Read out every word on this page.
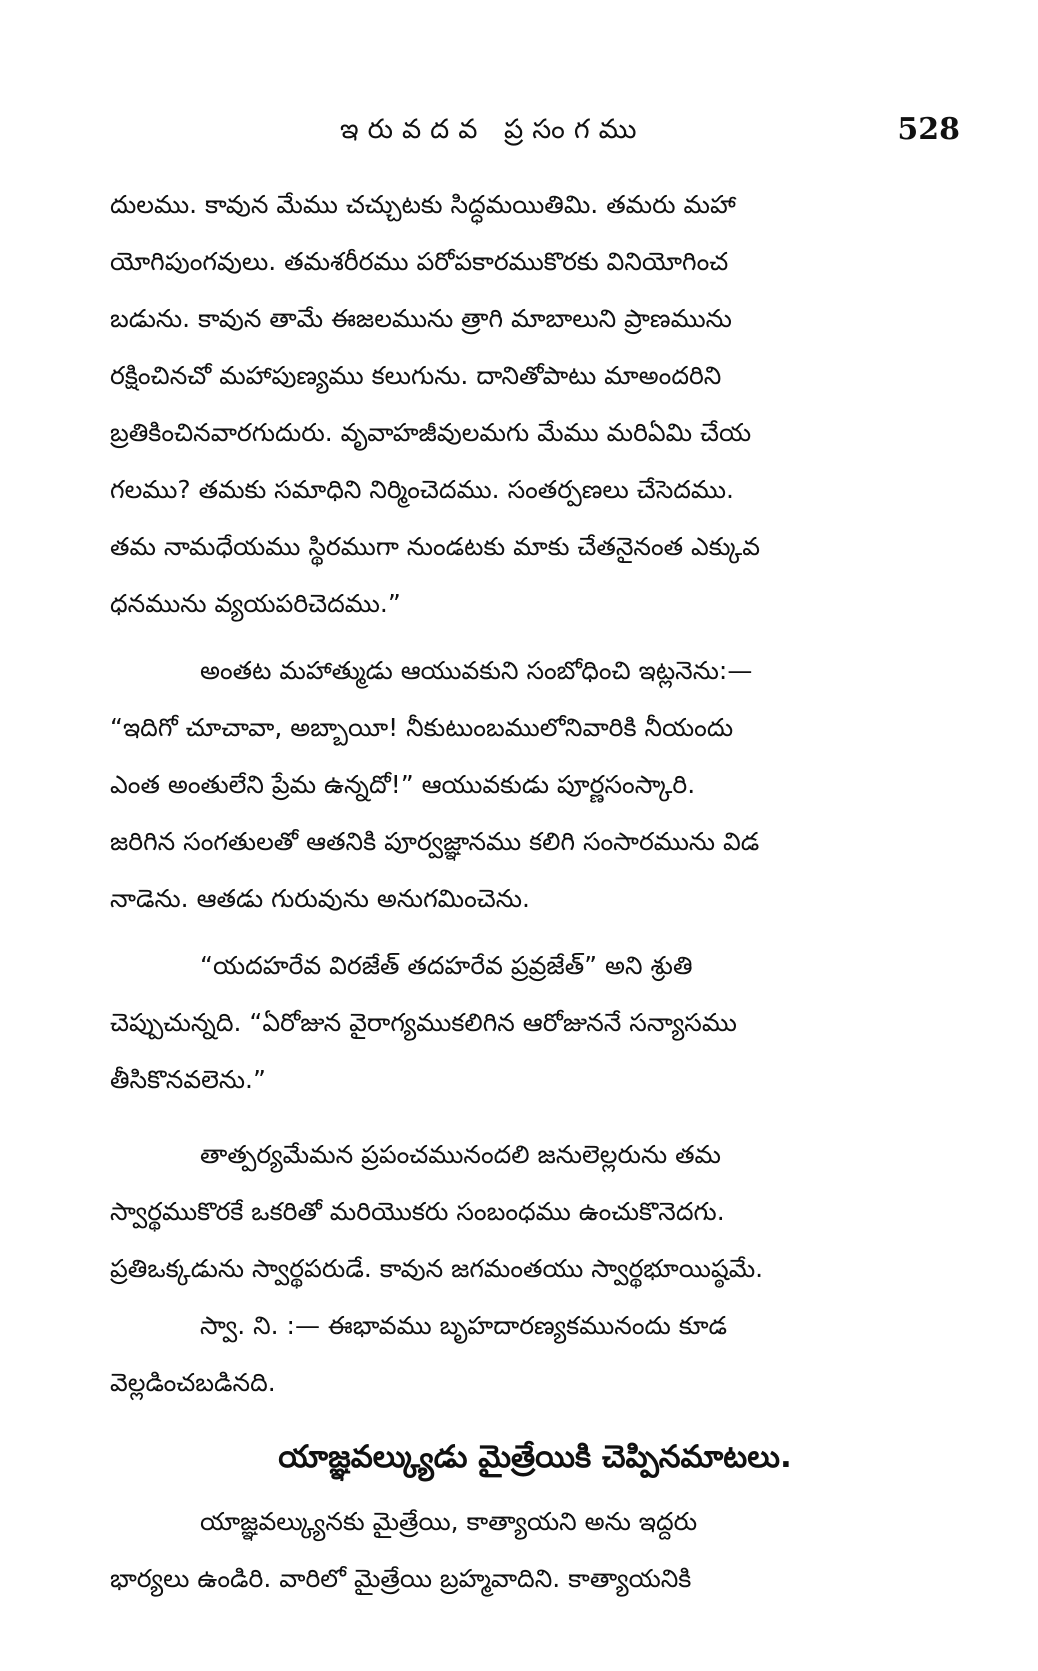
ఇరువదవ ప్రసంగము	528
దులము. కావున మేము చచ్చుటకు సిద్ధమయితిమి. తమరు మహా
యోగిపుంగవులు. తమశరీరము పరోపకారముకొరకు వినియోగించ
బడును. కావున తామే ఈజలమును త్రాగి మాబాలుని ప్రాణమును
రక్షించినచో మహాపుణ్యము కలుగును. దానితోపాటు మాఅందరిని
బ్రతికించినవారగుదురు. వృవాహజీవులమగు మేము మరిఏమి చేయ
గలము? తమకు సమాధిని నిర్మించెదము. సంతర్పణలు చేసెదము.
తమ నామధేయము స్థిరముగా నుండటకు మాకు చేతనైనంత ఎక్కువ
ధనమును వ్యయపరిచెదము.”
అంతట మహాత్ముడు ఆయువకుని సంబోధించి ఇట్లనెను:—
“ఇదిగో చూచావా, అబ్బాయీ! నీకుటుంబములోనివారికి నీయందు
ఎంత అంతులేని ప్రేమ ఉన్నదో!” ఆయువకుడు పూర్ణసంస్కారి.
జరిగిన సంగతులతో ఆతనికి పూర్వజ్ఞానము కలిగి సంసారమును విడ
నాడెను. ఆతడు గురువును అనుగమించెను.
“యదహరేవ విరజేత్ తదహరేవ ప్రవ్రజేత్” అని శ్రుతి
చెప్పుచున్నది. “ఏరోజున వైరాగ్యముకలిగిన ఆరోజుననే సన్యాసము
తీసికొనవలెను.”
తాత్పర్యమేమన ప్రపంచమునందలి జనులెల్లరును తమ
స్వార్థముకొరకే ఒకరితో మరియొకరు సంబంధము ఉంచుకొనెదగు.
ప్రతిఒక్కడును స్వార్థపరుడే. కావున జగమంతయు స్వార్థభూయిష్ఠమే.
స్వా. ని. :— ఈభావము బృహదారణ్యకమునందు కూడ
వెల్లడించబడినది.
యాజ్ఞవల్క్యుడు మైత్రేయికి చెప్పినమాటలు.
యాజ్ఞవల్క్యునకు మైత్రేయి, కాత్యాయని అను ఇద్దరు
భార్యలు ఉండిరి. వారిలో మైత్రేయి బ్రహ్మవాదిని. కాత్యాయనికి
